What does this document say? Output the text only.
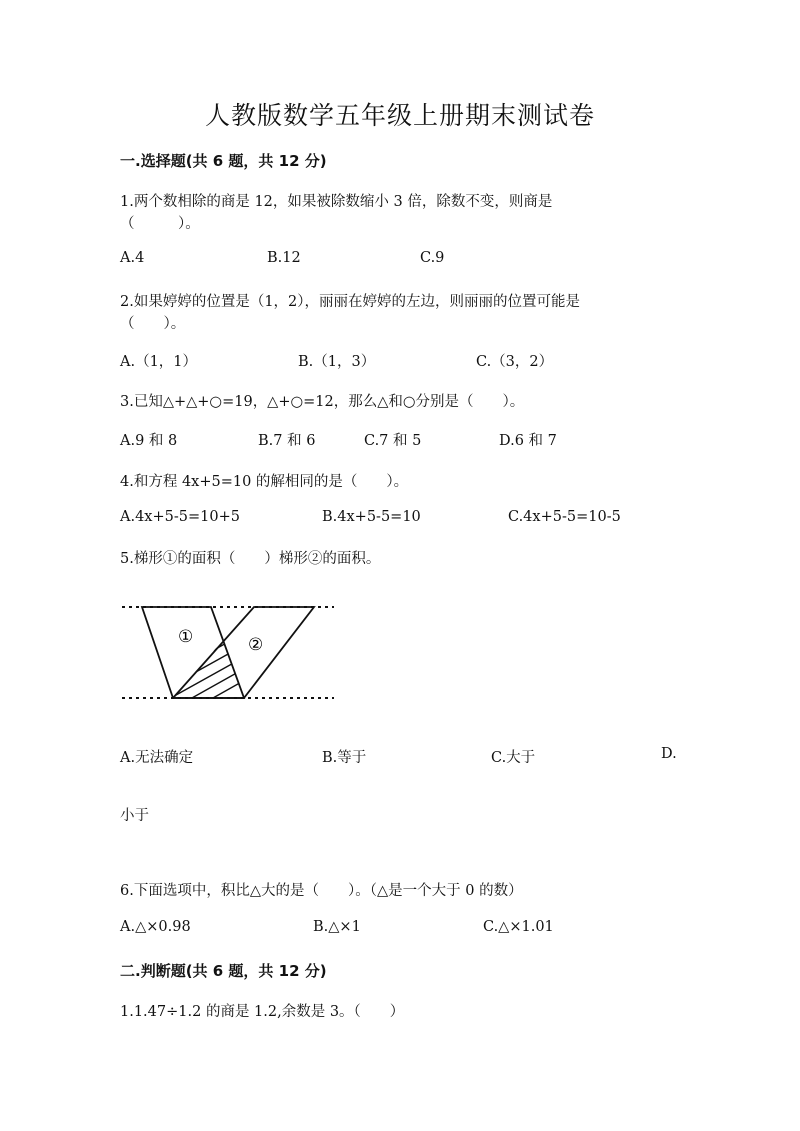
人教版数学五年级上册期末测试卷
一.选择题(共 6 题，共 12 分)
1.两个数相除的商是 12，如果被除数缩小 3 倍，除数不变，则商是
（　　　）。
A.4	B.12	C.9
2.如果婷婷的位置是（1，2），丽丽在婷婷的左边，则丽丽的位置可能是
（　　）。
A.（1，1）	B.（1，3）	C.（3，2）
3.已知△+△+○=19，△+○=12，那么△和○分别是（　　）。
A.9 和 8	B.7 和 6	C.7 和 5	D.6 和 7
4.和方程 4x+5=10 的解相同的是（　　）。
A.4x+5-5=10+5	B.4x+5-5=10	C.4x+5-5=10-5
5.梯形①的面积（　　）梯形②的面积。
①	②
A.无法确定	B.等于	C.大于	D.
小于
6.下面选项中，积比△大的是（　　）。（△是一个大于 0 的数）
A.△×0.98	B.△×1	C.△×1.01
二.判断题(共 6 题，共 12 分)
1.1.47÷1.2 的商是 1.2,余数是 3。（　　）
